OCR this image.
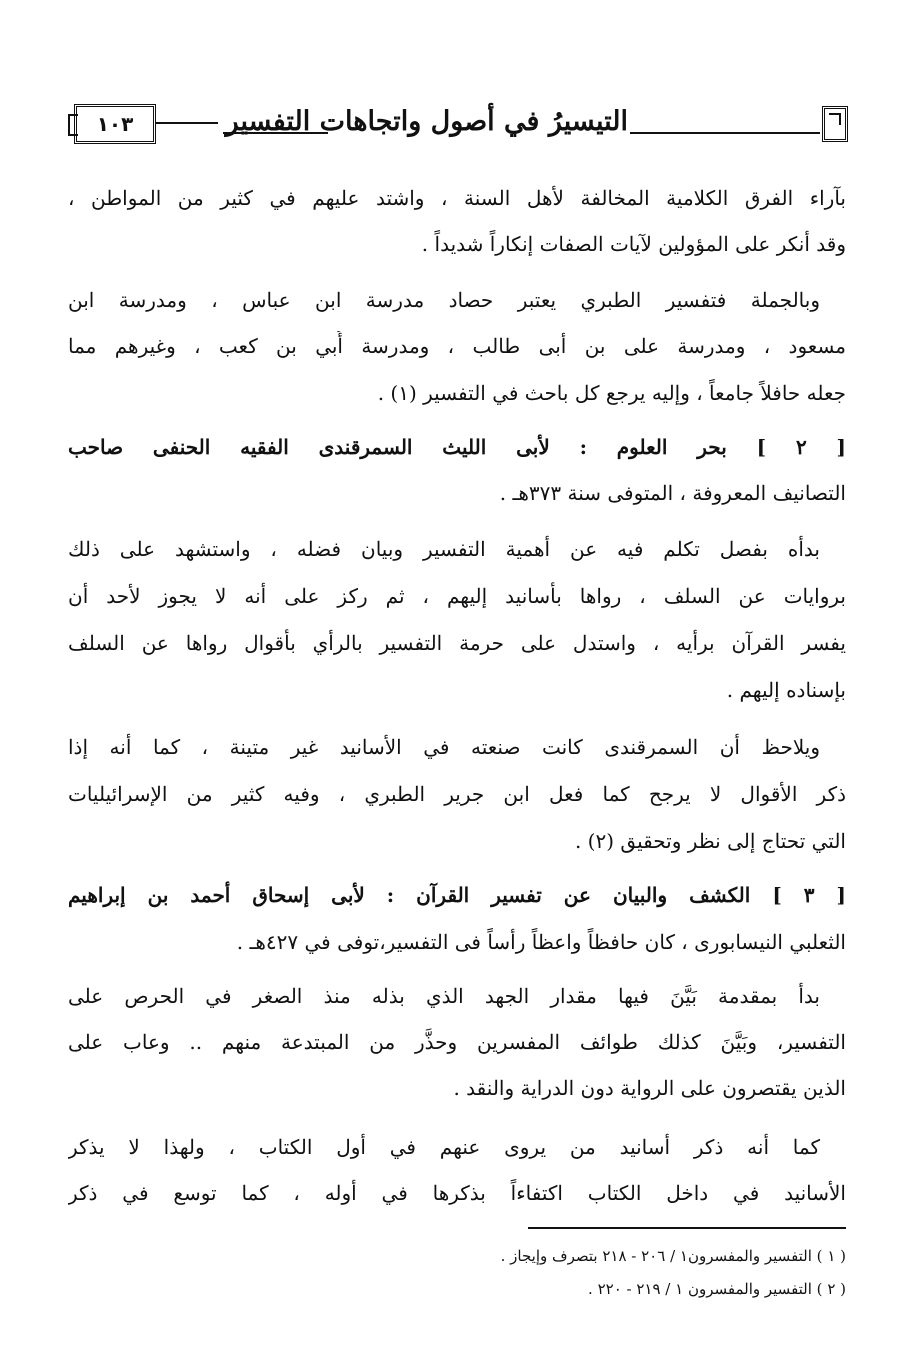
التيسيرُ في أصول واتجاهات التفسير
١٠٣
بآراء الفرق الكلامية المخالفة لأهل السنة ، واشتد عليهم في كثير من المواطن ،
وقد أنكر على المؤولين لآيات الصفات إنكاراً شديداً .
وبالجملة فتفسير الطبري يعتبر حصاد مدرسة ابن عباس ، ومدرسة ابن
مسعود ، ومدرسة على بن أبى طالب ، ومدرسة أُبي بن كعب ، وغيرهم مما
جعله حافلاً جامعاً ، وإليه يرجع كل باحث في التفسير (١) .
[ ٢ ] بحر العلوم : لأبى الليث السمرقندى الفقيه الحنفى صاحب
التصانيف المعروفة ، المتوفى سنة ٣٧٣هـ .
بدأه بفصل تكلم فيه عن أهمية التفسير وبيان فضله ، واستشهد على ذلك
بروايات عن السلف ، رواها بأسانيد إليهم ، ثم ركز على أنه لا يجوز لأحد أن
يفسر القرآن برأيه ، واستدل على حرمة التفسير بالرأي بأقوال رواها عن السلف
بإسناده إليهم .
ويلاحظ أن السمرقندى كانت صنعته في الأسانيد غير متينة ، كما أنه إذا
ذكر الأقوال لا يرجح كما فعل ابن جرير الطبري ، وفيه كثير من الإسرائيليات
التي تحتاج إلى نظر وتحقيق (٢) .
[ ٣ ] الكشف والبيان عن تفسير القرآن : لأبى إسحاق أحمد بن إبراهيم
الثعلبي النيسابورى ، كان حافظاً واعظاً رأساً فى التفسير،توفى في ٤٢٧هـ .
بدأ بمقدمة بَيَّنَ فيها مقدار الجهد الذي بذله منذ الصغر في الحرص على
التفسير، وبَيَّنَ كذلك طوائف المفسرين وحذَّر من المبتدعة منهم .. وعاب على
الذين يقتصرون على الرواية دون الدراية والنقد .
كما أنه ذكر أسانيد من يروى عنهم في أول الكتاب ، ولهذا لا يذكر
الأسانيد في داخل الكتاب اكتفاءاً بذكرها في أوله ، كما توسع في ذكر
( ١ ) التفسير والمفسرون١ / ٢٠٦ - ٢١٨ بتصرف وإيجاز .
( ٢ ) التفسير والمفسرون ١ / ٢١٩ - ٢٢٠ .
